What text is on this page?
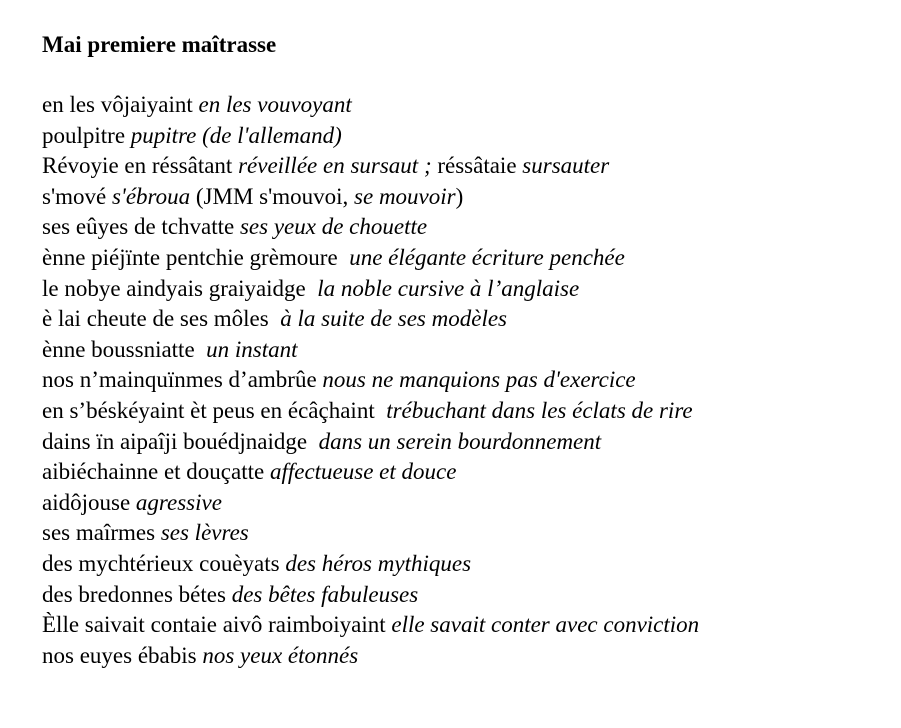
Mai premiere maîtrasse
en les vôjaiyaint en les vouvoyant
poulpitre pupitre (de l'allemand)
Révoyie en réssâtant réveillée en sursaut ; réssâtaie sursauter
s'mové s'ébroua (JMM s'mouvoi, se mouvoir)
ses eûyes de tchvatte ses yeux de chouette
ènne piéjïnte pentchie grèmoure  une élégante écriture penchée
le nobye aindyais graiyaidge  la noble cursive à l’anglaise
è lai cheute de ses môles  à la suite de ses modèles
ènne boussniatte  un instant
nos n’mainquïnmes d’ambrûe nous ne manquions pas d'exercice
en s’béskéyaint èt peus en écâçhaint  trébuchant dans les éclats de rire
dains ïn aipaîji bouédjnaidge  dans un serein bourdonnement
aibiéchainne et douçatte affectueuse et douce
aidôjouse agressive
ses maîrmes ses lèvres
des mychtérieux couèyats des héros mythiques
des bredonnes bétes des bêtes fabuleuses
Èlle saivait contaie aivô raimboiyaint elle savait conter avec conviction
nos euyes ébabis nos yeux étonnés
